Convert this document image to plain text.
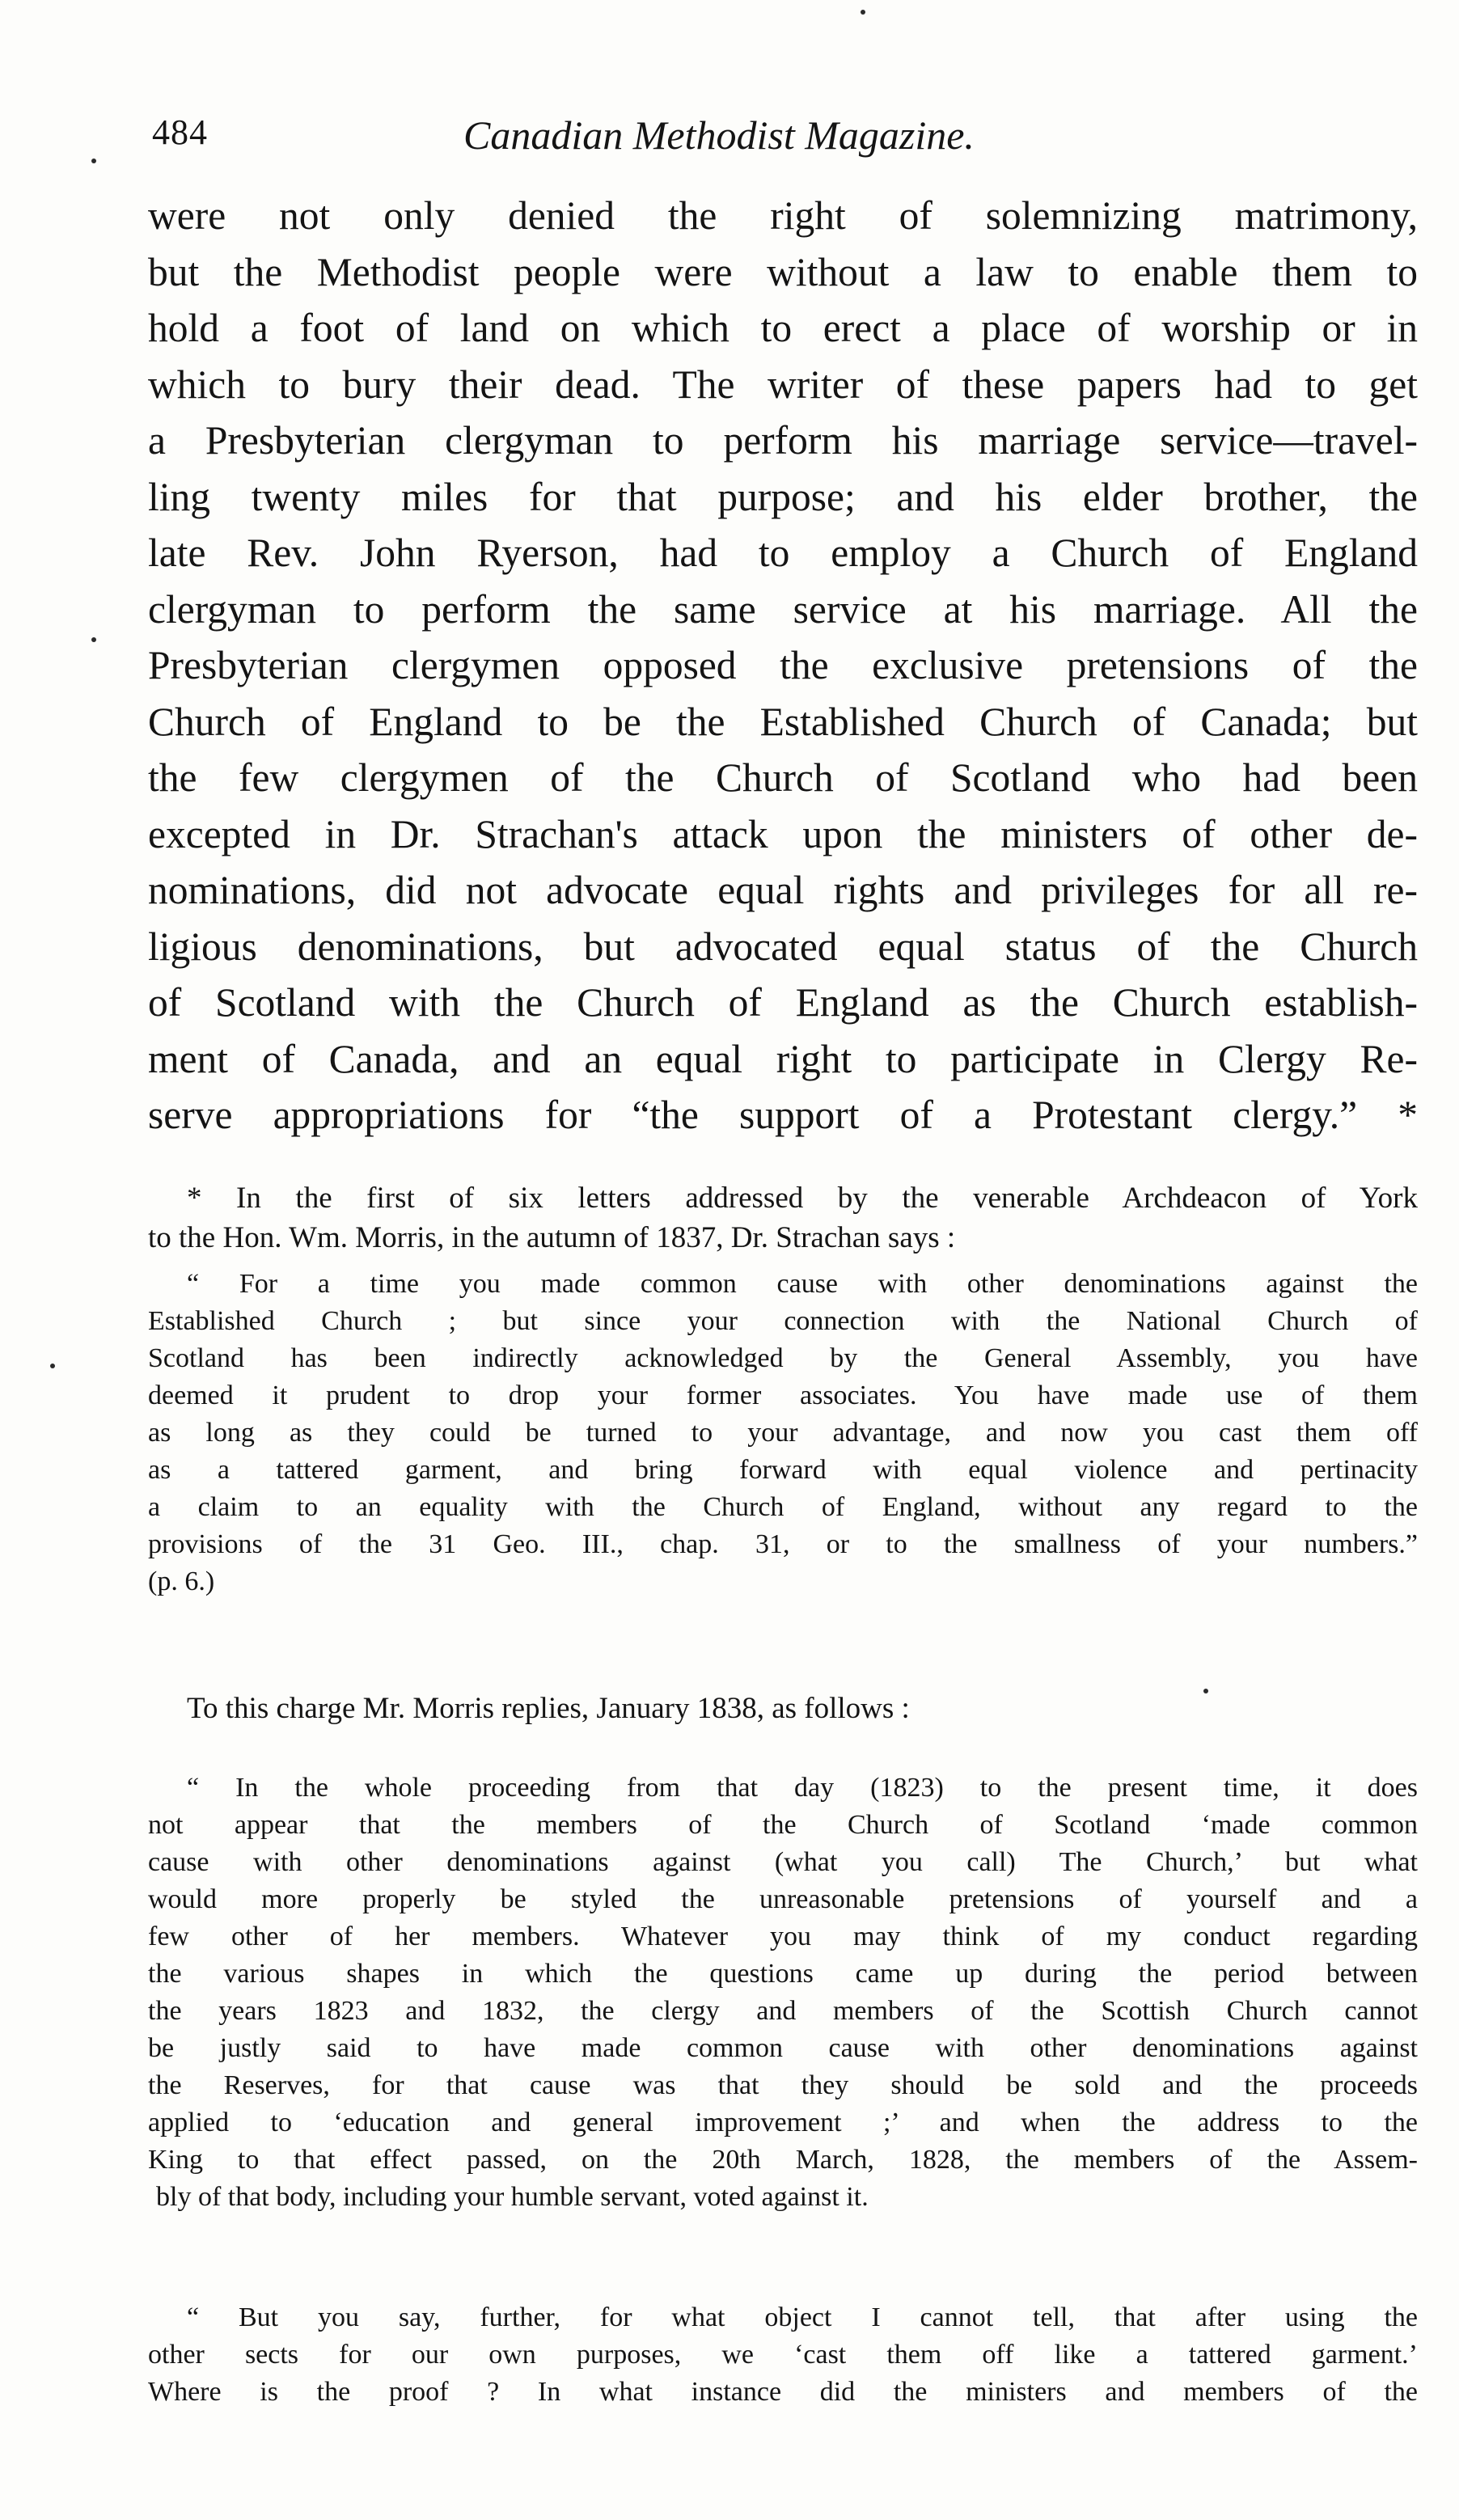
484	Canadian Methodist Magazine.
were not only denied the right of solemnizing matrimony,
but the Methodist people were without a law to enable them to
hold a foot of land on which to erect a place of worship or in
which to bury their dead. The writer of these papers had to get
a Presbyterian clergyman to perform his marriage service—travel-
ling twenty miles for that purpose; and his elder brother, the
late Rev. John Ryerson, had to employ a Church of England
clergyman to perform the same service at his marriage. All the
Presbyterian clergymen opposed the exclusive pretensions of the
Church of England to be the Established Church of Canada; but
the few clergymen of the Church of Scotland who had been
excepted in Dr. Strachan's attack upon the ministers of other de-
nominations, did not advocate equal rights and privileges for all re-
ligious denominations, but advocated equal status of the Church
of Scotland with the Church of England as the Church establish-
ment of Canada, and an equal right to participate in Clergy Re-
serve appropriations for “the support of a Protestant clergy.” *
* In the first of six letters addressed by the venerable Archdeacon of York
to the Hon. Wm. Morris, in the autumn of 1837, Dr. Strachan says :
“ For a time you made common cause with other denominations against the
Established Church ; but since your connection with the National Church of
Scotland has been indirectly acknowledged by the General Assembly, you have
deemed it prudent to drop your former associates. You have made use of them
as long as they could be turned to your advantage, and now you cast them off
as a tattered garment, and bring forward with equal violence and pertinacity
a claim to an equality with the Church of England, without any regard to the
provisions of the 31 Geo. III., chap. 31, or to the smallness of your numbers.”
(p. 6.)
To this charge Mr. Morris replies, January 1838, as follows :
“ In the whole proceeding from that day (1823) to the present time, it does
not appear that the members of the Church of Scotland ‘made common
cause with other denominations against (what you call) The Church,’ but what
would more properly be styled the unreasonable pretensions of yourself and a
few other of her members. Whatever you may think of my conduct regarding
the various shapes in which the questions came up during the period between
the years 1823 and 1832, the clergy and members of the Scottish Church cannot
be justly said to have made common cause with other denominations against
the Reserves, for that cause was that they should be sold and the proceeds
applied to ‘education and general improvement ;’ and when the address to the
King to that effect passed, on the 20th March, 1828, the members of the Assem-
bly of that body, including your humble servant, voted against it.
“ But you say, further, for what object I cannot tell, that after using the
other sects for our own purposes, we ‘cast them off like a tattered garment.’
Where is the proof ? In what instance did the ministers and members of the
